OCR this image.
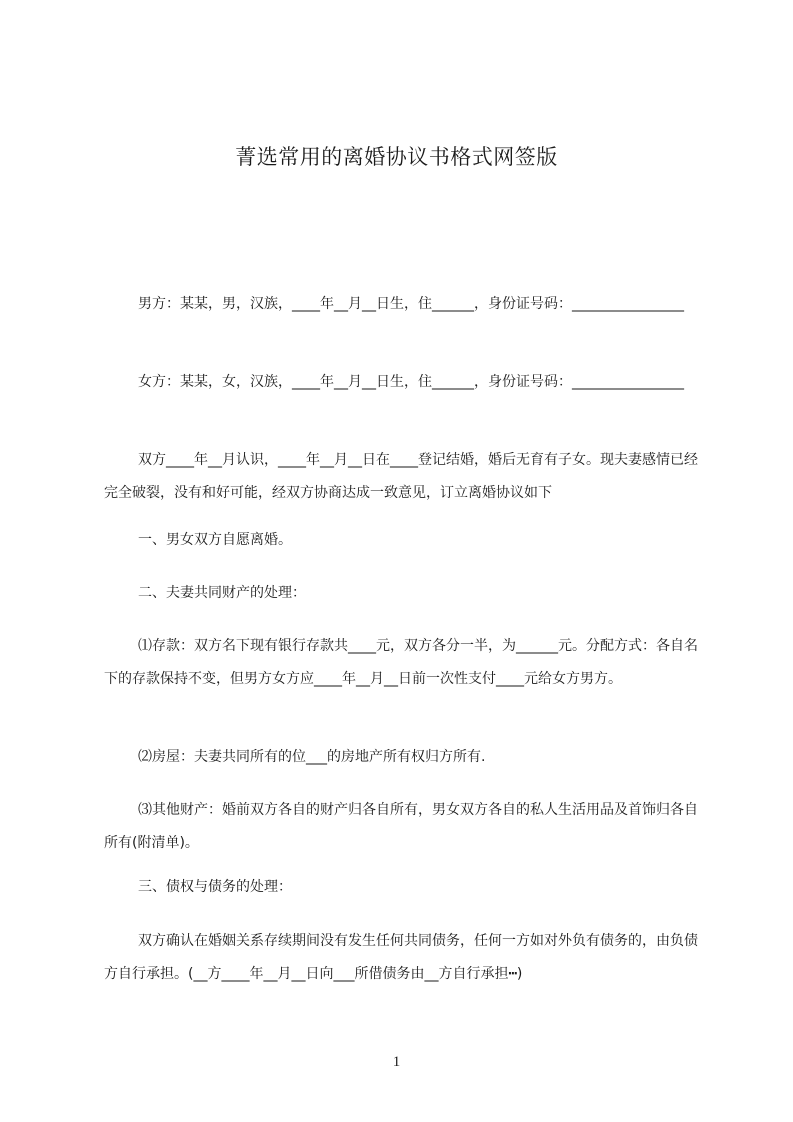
菁选常用的离婚协议书格式网签版
男方：某某，男，汉族，____年__月__日生，住______，身份证号码：________________
女方：某某，女，汉族，____年__月__日生，住______，身份证号码：________________
双方____年__月认识，____年__月__日在____登记结婚，婚后无育有子女。现夫妻感情已经完全破裂，没有和好可能，经双方协商达成一致意见，订立离婚协议如下
一、男女双方自愿离婚。
二、夫妻共同财产的处理：
⑴存款：双方名下现有银行存款共____元，双方各分一半，为______元。分配方式：各自名下的存款保持不变，但男方女方应____年__月__日前一次性支付____元给女方男方。
⑵房屋：夫妻共同所有的位___的房地产所有权归方所有.
⑶其他财产：婚前双方各自的财产归各自所有，男女双方各自的私人生活用品及首饰归各自所有(附清单)。
三、债权与债务的处理：
双方确认在婚姻关系存续期间没有发生任何共同债务，任何一方如对外负有债务的，由负债方自行承担。(__方____年__月__日向___所借债务由__方自行承担┅)
1
